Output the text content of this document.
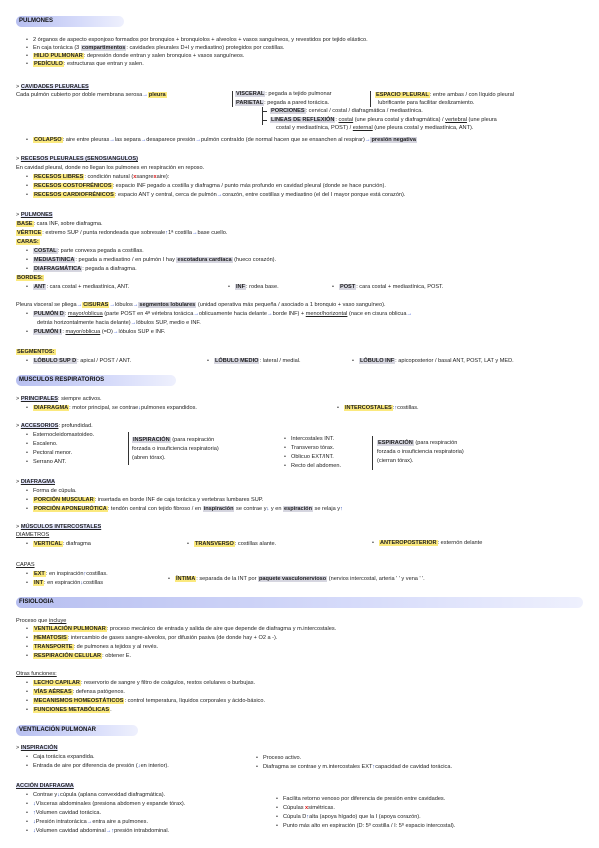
PULMONES
• 2 órganos de aspecto esponjoso formados por bronquios + bronquiolos + alveolos + vasos sanguíneos, y revestidos por tejido elástico.
• En caja torácica (3 compartimentos: cavidades pleurales D+I y mediastino) protegidos por costillas.
• HILIO PULMONAR: depresión donde entran y salen bronquios + vasos sanguíneos.
• PEDÍCULO: estructuras que entran y salen.
> CAVIDADES PLEURALES
Cada pulmón cubierto por doble membrana serosa→pleura	VISCERAL: pegada a tejido pulmonar
PARIETAL: pegada a pared torácica.
ESPACIO PLEURAL: entre ambas / con líquido pleural
lubrificante para facilitar deslizamiento.
PORCIONES: cervical / costal / diafragmática / mediastínica.
LINEAS DE REFLEXIÓN: costal (une pleura costal y diafragmática) / vertebral (une pleura
costal y mediastínica, POST) / esternal (une pleura costal y mediastínica, ANT).
• COLAPSO: aire entre pleuras→las separa→desaparece presión→pulmón contraído (de normal hacen que se ensanchen al respirar)→presión negativa
> RECESOS PLEURALES (SENOS/ANGULOS)
En cavidad pleural, donde no llegan los pulmones en respiración en reposo.
• RECESOS LIBRES: condición natural (xsangrexaire):
• RECESOS COSTOFRÉNICOS: espacio INF pegado a costilla y diafragma / punto más profundo en cavidad pleural (donde se hace punción).
• RECESOS CARDIOFRÉNICOS: espacio ANT y central, cerca de pulmón→corazón, entre costillas y mediastino (el del I mayor porque está corazón).
> PULMONES
BASE: cara INF, sobre diafragma.
VÉRTICE: extremo SUP / punta redondeada que sobresale↑1ª costilla→base cuello.
CARAS:
• COSTAL: parte convexa pegada a costillas.
• MEDIASTINICA: pegada a mediastino / en pulmón I hay escotadura cardíaca (hueco corazón).
• DIAFRAGMÁTICA: pegada a diafragma.
BORDES:
• ANT: cara costal + mediastínica, ANT.	• INF: rodea base.	• POST: cara costal + mediastínica, POST.
Pleura visceral se pliega→CISURAS→lóbulos→segmentos lobulares (unidad operativa más pequeña / asociado a 1 bronquio + vaso sanguíneo).
• PULMÓN D: mayor/oblicua (parte POST en 4ª vértebra torácica→oblicuamente hacia delante→borde INF) + menor/horizontal (nace en cisura oblicua→
detrás horizontalmente hacia delante)→lóbulos SUP, medio e INF.
• PULMÓN I: mayor/oblicua (=D)→lóbulos SUP e INF.
SEGMENTOS:
• LÓBULO SUP D: apical / POST / ANT.	• LÓBULO MEDIO: lateral / medial.	• LÓBULO INF: apicoposterior / basal ANT, POST, LAT y MED.
MUSCULOS RESPIRATORIOS
> PRINCIPALES: siempre activos.
• DIAFRAGMA: motor principal, se contrae↓pulmones expandidos.	• INTERCOSTALES:↑costillas.
> ACCESORIOS: profundidad.
• Esternocleidomastoideo.
• Escaleno.
• Pectoral menor.
• Serrano ANT.
INSPIRACIÓN (para respiración
forzada o insuficiencia respiratoria)
(abren tórax).
• Intercostales INT.
• Transverso tórax.
• Oblicuo EXT/INT.
• Recto del abdomen.
ESPIRACIÓN (para respiración
forzada o insuficiencia respiratoria)
(cierran tórax).
> DIAFRAGMA
• Forma de cúpula.
• PORCIÓN MUSCULAR: insertada en borde INF de caja torácica y vertebras lumbares SUP.
• PORCIÓN APONEURÓTICA: tendón central con tejido fibroso / en inspiración se contrae y↓ y en espiración se relaja y↑
> MÚSCULOS INTERCOSTALES
DIAMETROS
• VERTICAL: diafragma	• TRANSVERSO: costillas alante.	• ANTEROPOSTERIOR: esternón delante
CAPAS
• EXT: en inspiración↑costillas.
• INT: en espiración↓costillas
• ÍNTIMA: separada de la INT por paquete vasculonervioso (nervios intercostal, arteria ' ' y vena ' '.
FISIOLOGIA
Proceso que incluye
• VENTILACIÓN PULMONAR: proceso mecánico de entrada y salida de aire que depende de diafragma y m.intercostales.
• HEMATOSIS: intercambio de gases sangre-alveolos, por difusión pasiva (de donde hay + O2 a -).
• TRANSPORTE: de pulmones a tejidos y al revés.
• RESPIRACIÓN CELULAR: obtener E.
Otras funciones:
• LECHO CAPILAR: reservorio de sangre y filtro de coágulos, restos celulares o burbujas.
• VÍAS AÉREAS: defensa patógenos.
• MECANISMOS HOMEOSTÁTICOS: control temperatura, líquidos corporales y ácido-básico.
• FUNCIONES METABÓLICAS.
VENTILACIÓN PULMONAR
> INSPIRACIÓN
• Caja torácica expandida.
• Entrada de aire por diferencia de presión (↓en interior).
• Proceso activo.
• Diafragma se contrae y m.intercostales EXT↑capacidad de cavidad torácica.
ACCIÓN DIAFRAGMA
• Contrae y↓cúpula (aplana convexidad diafragmática).
• ↓Vísceras abdominales (presiona abdomen y expande tórax).
• ↑Volumen cavidad torácica.
• ↓Presión intratorácica→entra aire a pulmones.
• ↓Volumen cavidad abdominal→↑presión intrabdominal.
• Facilita retorno venoso por diferencia de presión entre cavidades.
• Cúpulas xsimétricas.
• Cúpula D↑alta (apoya hígado) que la I (apoya corazón).
• Punto más alto en espiración (D: 5º costilla / I: 5º espacio intercostal).
